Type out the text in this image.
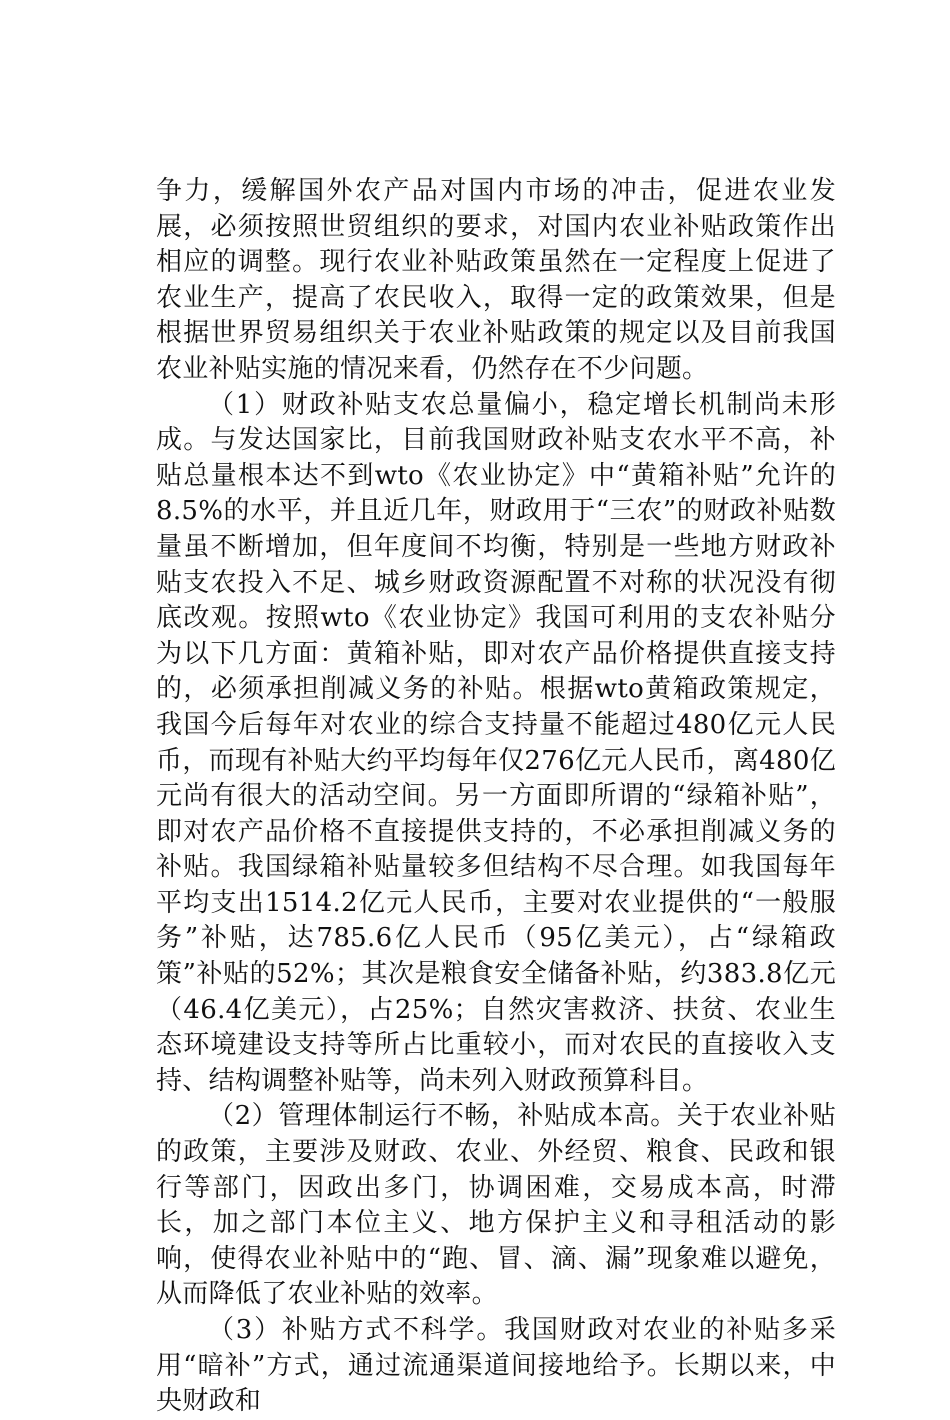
争力，缓解国外农产品对国内市场的冲击，促进农业发展，必须按照世贸组织的要求，对国内农业补贴政策作出相应的调整。现行农业补贴政策虽然在一定程度上促进了农业生产，提高了农民收入，取得一定的政策效果，但是根据世界贸易组织关于农业补贴政策的规定以及目前我国农业补贴实施的情况来看，仍然存在不少问题。

（1）财政补贴支农总量偏小，稳定增长机制尚未形成。与发达国家比，目前我国财政补贴支农水平不高，补贴总量根本达不到wto《农业协定》中“黄箱补贴”允许的8.5%的水平，并且近几年，财政用于“三农”的财政补贴数量虽不断增加，但年度间不均衡，特别是一些地方财政补贴支农投入不足、城乡财政资源配置不对称的状况没有彻底改观。按照wto《农业协定》我国可利用的支农补贴分为以下几方面：黄箱补贴，即对农产品价格提供直接支持的，必须承担削减义务的补贴。根据wto黄箱政策规定，我国今后每年对农业的综合支持量不能超过480亿元人民币，而现有补贴大约平均每年仅276亿元人民币，离480亿元尚有很大的活动空间。另一方面即所谓的“绿箱补贴”，即对农产品价格不直接提供支持的，不必承担削减义务的补贴。我国绿箱补贴量较多但结构不尽合理。如我国每年平均支出1514.2亿元人民币，主要对农业提供的“一般服务”补贴，达785.6亿人民币（95亿美元），占“绿箱政策”补贴的52%；其次是粮食安全储备补贴，约383.8亿元（46.4亿美元），占25%；自然灾害救济、扶贫、农业生态环境建设支持等所占比重较小，而对农民的直接收入支持、结构调整补贴等，尚未列入财政预算科目。

（2）管理体制运行不畅，补贴成本高。关于农业补贴的政策，主要涉及财政、农业、外经贸、粮食、民政和银行等部门，因政出多门，协调困难，交易成本高，时滞长，加之部门本位主义、地方保护主义和寻租活动的影响，使得农业补贴中的“跑、冒、滴、漏”现象难以避免，从而降低了农业补贴的效率。

（3）补贴方式不科学。我国财政对农业的补贴多采用“暗补”方式，通过流通渠道间接地给予。长期以来，中央财政和
